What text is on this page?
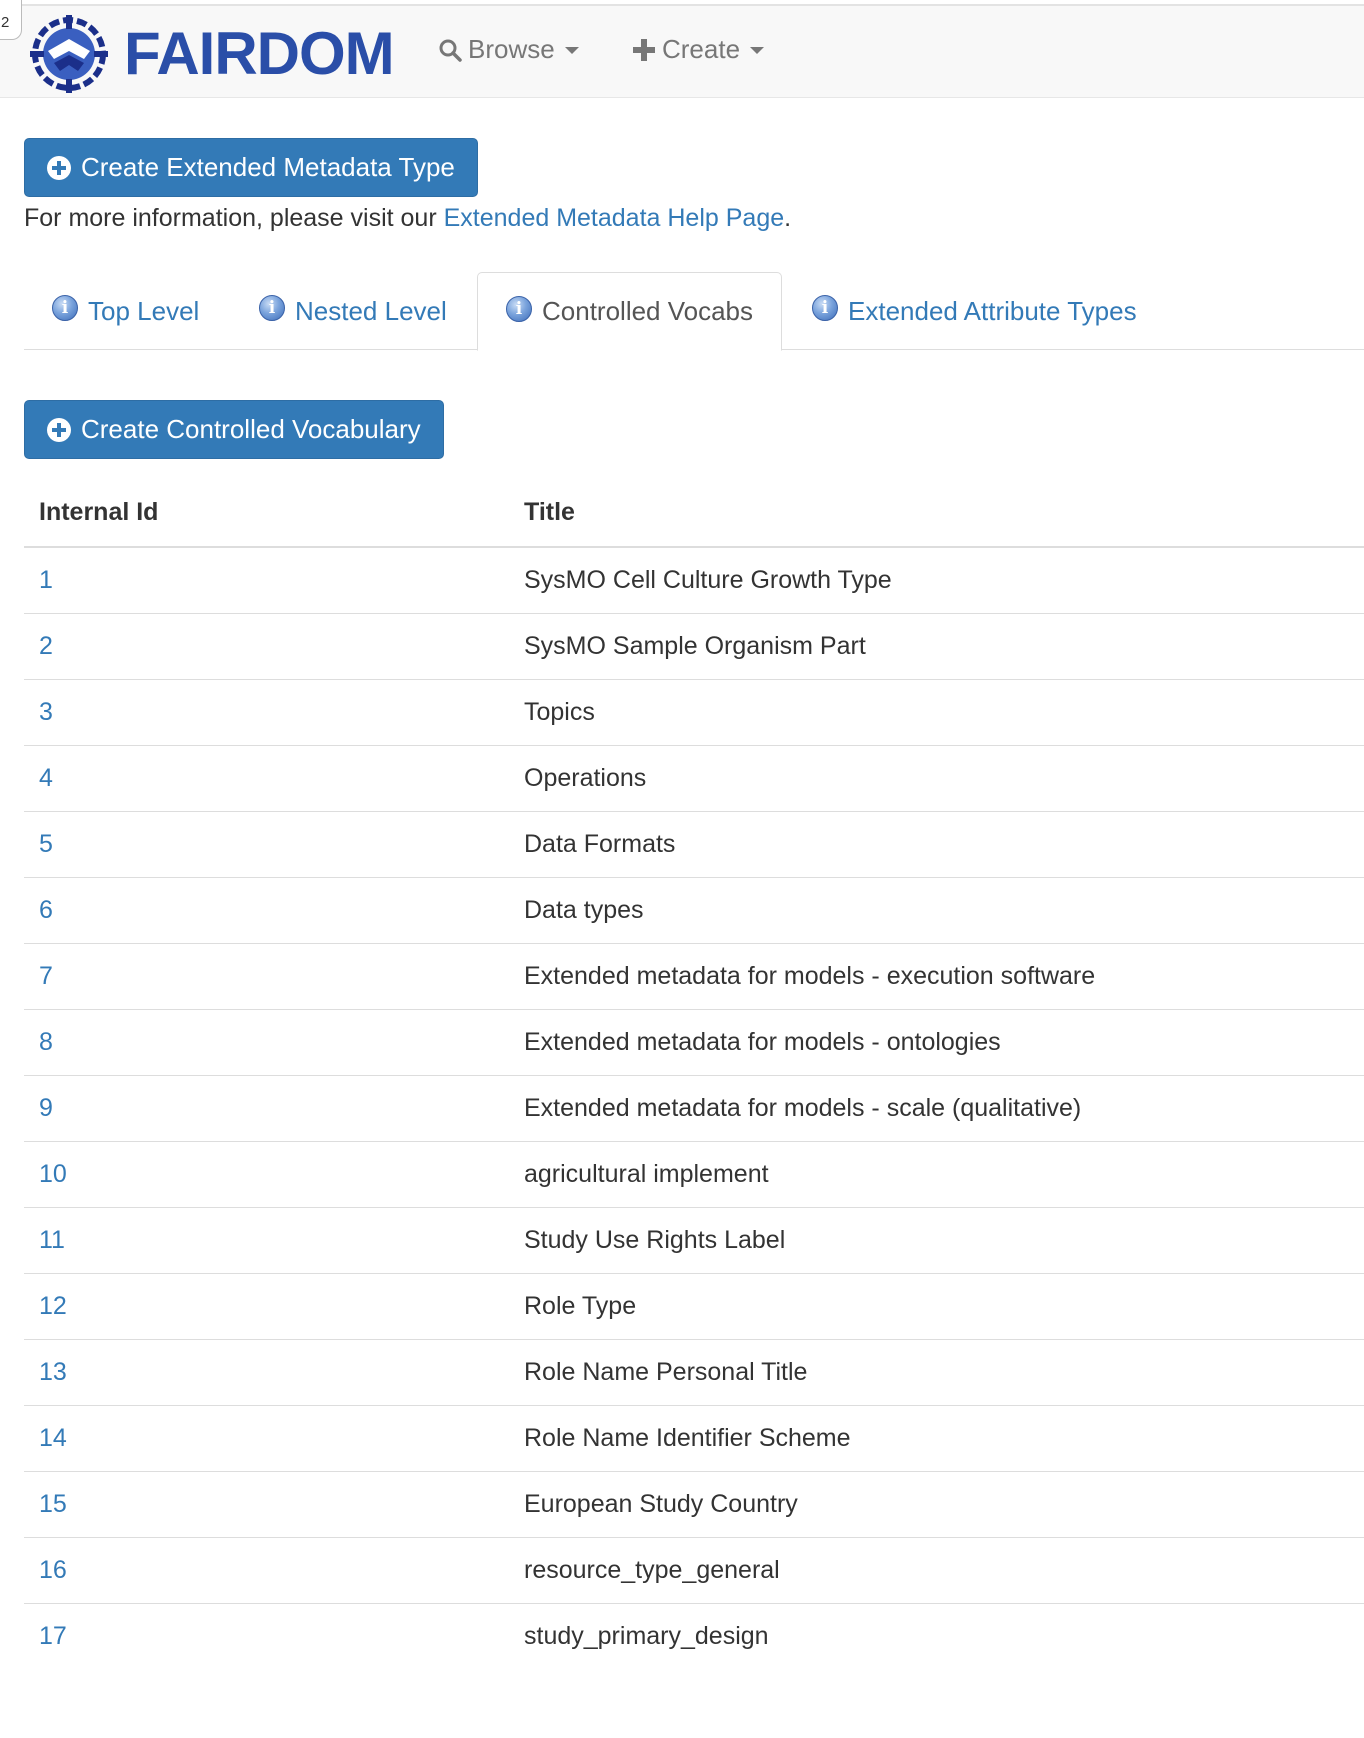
2 FAIRDOM	Browse	Create
Create Extended Metadata Type
For more information, please visit our Extended Metadata Help Page.
i
Top Level i	Nested Level i	Controlled Vocabs i	Extended Attribute Types
Create Controlled Vocabulary
Internal Id	Title
1	SysMO Cell Culture Growth Type
2	SysMO Sample Organism Part
3	Topics
4	Operations
5	Data Formats
6	Data types
7	Extended metadata for models - execution software
8	Extended metadata for models - ontologies
9	Extended metadata for models - scale (qualitative)
10	agricultural implement
11	Study Use Rights Label
12	Role Type
13	Role Name Personal Title
14	Role Name Identifier Scheme
15	European Study Country
16	resource_type_general
17	study_primary_design
